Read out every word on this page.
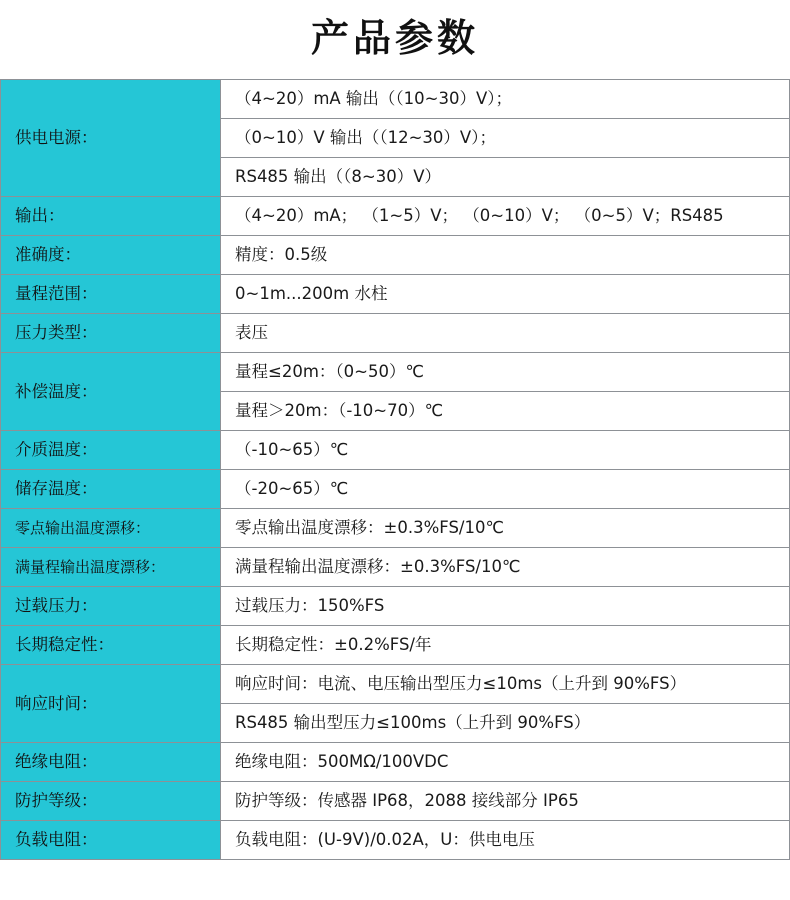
产品参数
供电电源：	（4~20）mA 输出（（10~30）V）；
	（0~10）V 输出（（12~30）V）；
	RS485 输出（（8~30）V）
输出：	（4~20）mA； （1~5）V； （0~10）V； （0~5）V；RS485
准确度：	精度：0.5级
量程范围：	0~1m...200m 水柱
压力类型：	表压
补偿温度：	量程≤20m：（0~50）℃
	量程＞20m：（-10~70）℃
介质温度：	（-10~65）℃
储存温度：	（-20~65）℃
零点输出温度漂移：	零点输出温度漂移：±0.3%FS/10℃
满量程输出温度漂移：	满量程输出温度漂移：±0.3%FS/10℃
过载压力：	过载压力：150%FS
长期稳定性：	长期稳定性：±0.2%FS/年
响应时间：	响应时间：电流、电压输出型压力≤10ms（上升到 90%FS）
	RS485 输出型压力≤100ms（上升到 90%FS）
绝缘电阻：	绝缘电阻：500MΩ/100VDC
防护等级：	防护等级：传感器 IP68，2088 接线部分 IP65
负载电阻：	负载电阻：(U-9V)/0.02A，U：供电电压
